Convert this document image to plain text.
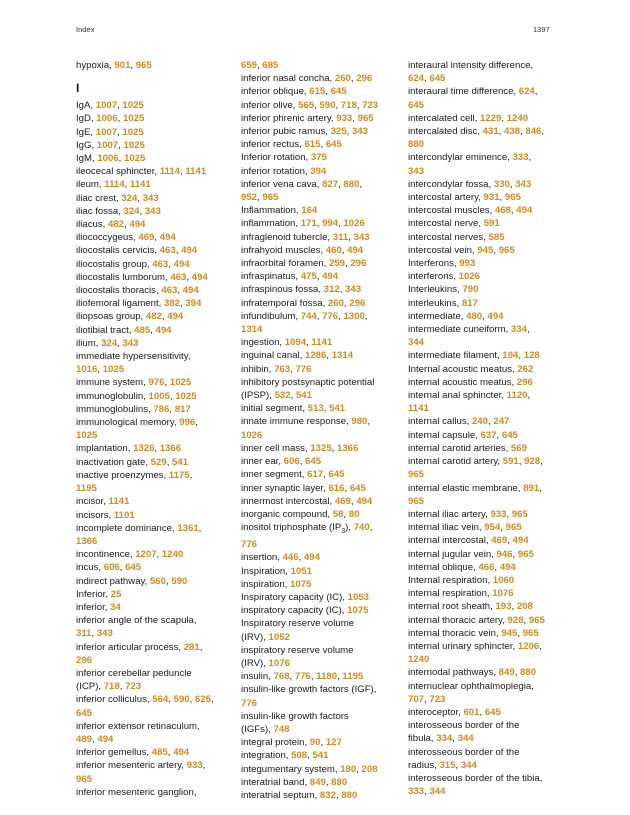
Index	1397
hypoxia, 901, 965
I
IgA, 1007, 1025
IgD, 1006, 1025
IgE, 1007, 1025
IgG, 1007, 1025
IgM, 1006, 1025
ileocecal sphincter, 1114, 1141
ileum, 1114, 1141
iliac crest, 324, 343
iliac fossa, 324, 343
iliacus, 482, 494
iliococcygeus, 469, 494
iliocostalis cervicis, 463, 494
iliocostalis group, 463, 494
iliocostalis lumborum, 463, 494
iliocostalis thoracis, 463, 494
iliofemoral ligament, 382, 394
iliopsoas group, 482, 494
iliotibial tract, 485, 494
ilium, 324, 343
immediate hypersensitivity,
1016, 1025
immune system, 976, 1025
immunoglobulin, 1005, 1025
immunoglobulins, 786, 817
immunological memory, 996,
1025
implantation, 1326, 1366
inactivation gate, 529, 541
inactive proenzymes, 1175,
1195
incisor, 1141
incisors, 1101
incomplete dominance, 1361,
1366
incontinence, 1207, 1240
incus, 606, 645
indirect pathway, 560, 590
Inferior, 25
inferior, 34
inferior angle of the scapula,
311, 343
inferior articular process, 281,
296
inferior cerebellar peduncle
(ICP), 718, 723
inferior colliculus, 564, 590, 625,
645
inferior extensor retinaculum,
489, 494
inferior gemellus, 485, 494
inferior mesenteric artery, 933,
965
inferior mesenteric ganglion,
659, 685
inferior nasal concha, 260, 296
inferior oblique, 615, 645
inferior olive, 565, 590, 718, 723
inferior phrenic artery, 933, 965
inferior pubic ramus, 325, 343
inferior rectus, 615, 645
Inferior rotation, 375
inferior rotation, 394
inferior vena cava, 827, 880,
952, 965
Inflammation, 164
inflammation, 171, 994, 1026
infraglenoid tubercle, 311, 343
infrahyoid muscles, 460, 494
infraorbital foramen, 259, 296
infraspinatus, 475, 494
infraspinous fossa, 312, 343
infratemporal fossa, 260, 296
infundibulum, 744, 776, 1300,
1314
ingestion, 1094, 1141
inguinal canal, 1286, 1314
inhibin, 763, 776
inhibitory postsynaptic potential
(IPSP), 532, 541
initial segment, 513, 541
innate immune response, 980,
1026
inner cell mass, 1325, 1366
inner ear, 606, 645
inner segment, 617, 645
inner synaptic layer, 616, 645
innermost intercostal, 469, 494
inorganic compound, 58, 80
inositol triphosphate $(IP_3)$, 740,
776
insertion, 446, 494
Inspiration, 1051
inspiration, 1075
Inspiratory capacity (IC), 1053
inspiratory capacity (IC), 1075
Inspiratory reserve volume
(IRV), 1052
inspiratory reserve volume
(IRV), 1076
insulin, 768, 776, 1180, 1195
insulin-like growth factors (IGF),
776
insulin-like growth factors
(IGFs), 748
integral protein, 90, 127
integration, 508, 541
integumentary system, 180, 208
interatrial band, 849, 880
interatrial septum, 832, 880
interaural intensity difference,
624, 645
interaural time difference, 624,
645
intercalated cell, 1229, 1240
intercalated disc, 431, 438, 846,
880
intercondylar eminence, 333,
343
intercondylar fossa, 330, 343
intercostal artery, 931, 965
intercostal muscles, 468, 494
intercostal nerve, 591
intercostal nerves, 585
intercostal vein, 945, 965
Interferons, 993
interferons, 1026
Interleukins, 790
interleukins, 817
intermediate, 480, 494
intermediate cuneiform, 334,
344
intermediate filament, 104, 128
Internal acoustic meatus, 262
internal acoustic meatus, 296
internal anal sphincter, 1120,
1141
internal callus, 240, 247
internal capsule, 637, 645
internal carotid arteries, 569
internal carotid artery, 591, 928,
965
internal elastic membrane, 891,
965
internal iliac artery, 933, 965
internal iliac vein, 954, 965
internal intercostal, 469, 494
internal jugular vein, 946, 965
internal oblique, 466, 494
Internal respiration, 1060
internal respiration, 1076
internal root sheath, 193, 208
internal thoracic artery, 928, 965
internal thoracic vein, 945, 965
internal urinary sphincter, 1206,
1240
internodal pathways, 849, 880
internuclear ophthalmoplegia,
707, 723
interoceptor, 601, 645
interosseous border of the
fibula, 334, 344
interosseous border of the
radius, 315, 344
interosseous border of the tibia,
333, 344
